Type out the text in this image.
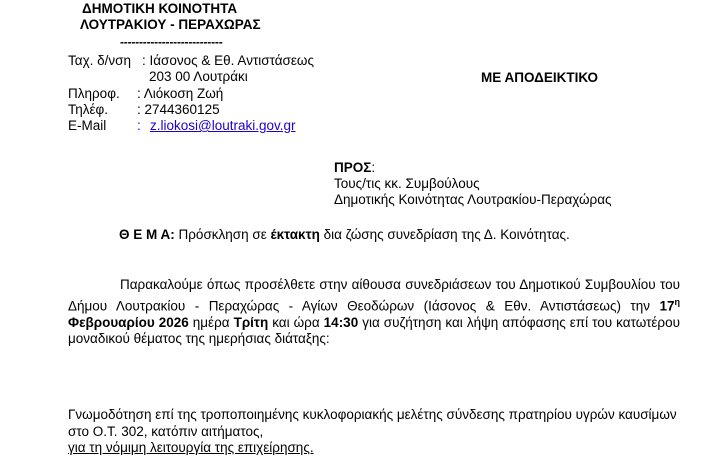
ΔΗΜΟΤΙΚΗ ΚΟΙΝΟΤΗΤΑ
ΛΟΥΤΡΑΚΙΟΥ - ΠΕΡΑΧΩΡΑΣ
---------------------------
Ταχ. δ/νση : Ιάσονος & Εθ. Αντιστάσεως
203 00 Λουτράκι
Πληροφ. : Λιόκοση Ζωή
Τηλέφ. : 2744360125
E-Mail : z.liokosi@loutraki.gov.gr
ΜΕ ΑΠΟΔΕΙΚΤΙΚΟ
ΠΡΟΣ:
Τους/τις κκ. Συμβούλους
Δημοτικής Κοινότητας Λουτρακίου-Περαχώρας
Θ Ε Μ Α: Πρόσκληση σε έκτακτη δια ζώσης συνεδρίαση της Δ. Κοινότητας.
Παρακαλούμε όπως προσέλθετε στην αίθουσα συνεδριάσεων του Δημοτικού Συμβουλίου του Δήμου Λουτρακίου - Περαχώρας - Αγίων Θεοδώρων (Ιάσονος & Εθν. Αντιστάσεως) την $17^\eta$ Φεβρουαρίου 2026 ημέρα Τρίτη και ώρα 14:30 για συζήτηση και λήψη απόφασης επί του κατωτέρου μοναδικού θέματος της ημερήσιας διάταξης:
Γνωμοδότηση επί της τροποποιημένης κυκλοφοριακής μελέτης σύνδεσης πρατηρίου υγρών καυσίμων στο Ο.Τ. 302, κατόπιν αιτήματος,
για τη νόμιμη λειτουργία της επιχείρησης.
